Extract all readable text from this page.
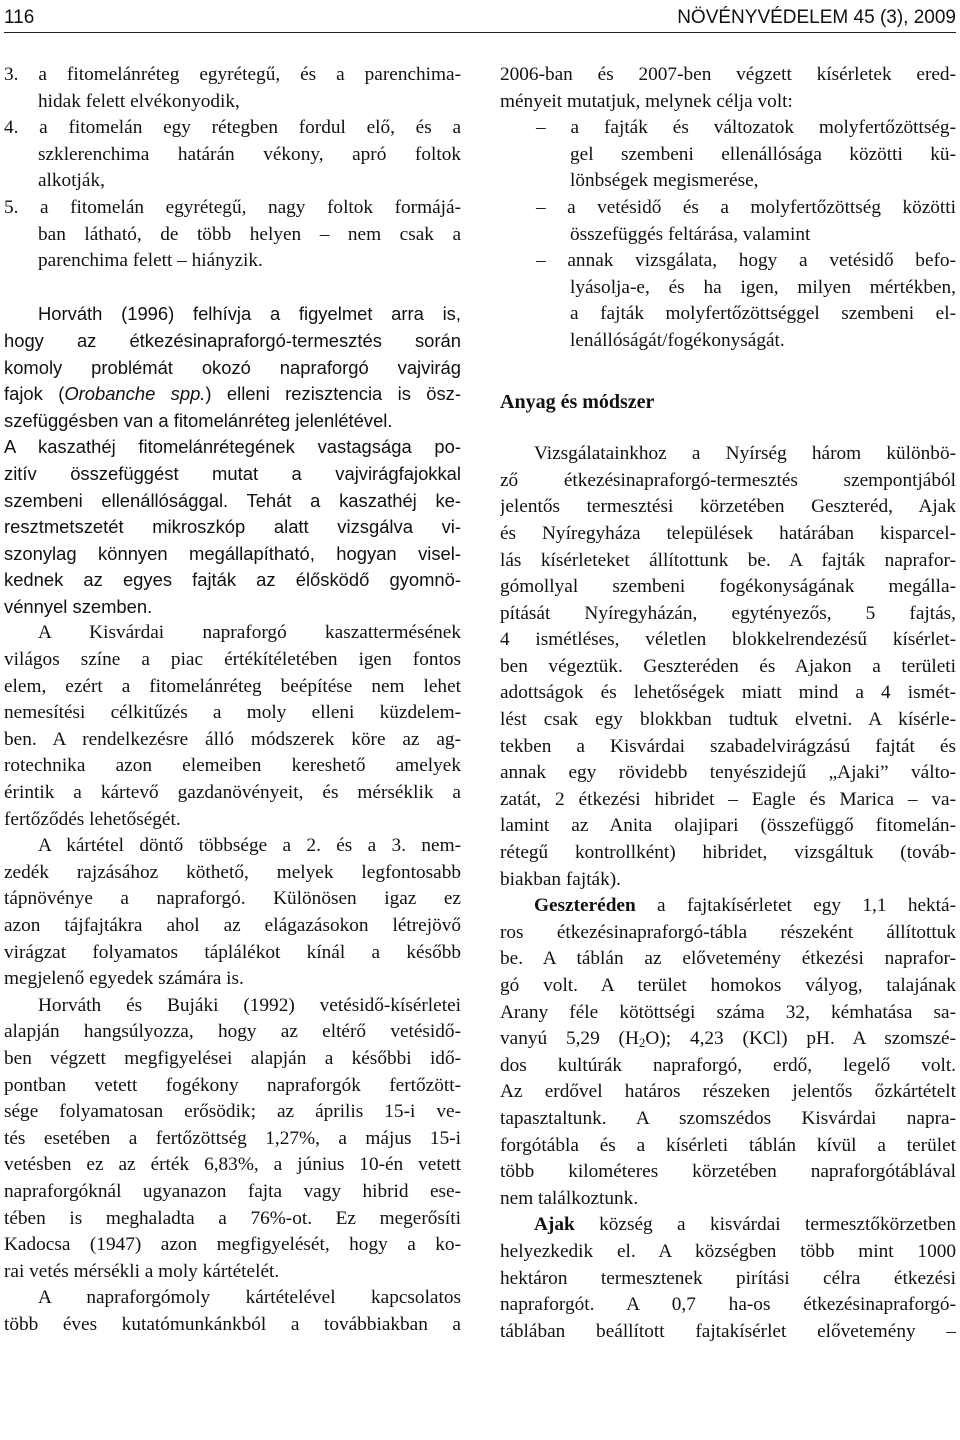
116	NÖVÉNYVÉDELEM 45 (3), 2009
3. a fitomelánréteg egyrétegű, és a parenchima-
hidak felett elvékonyodik,
4. a fitomelán egy rétegben fordul elő, és a
szklerenchima határán vékony, apró foltok
alkotják,
5. a fitomelán egyrétegű, nagy foltok formájá-
ban látható, de több helyen – nem csak a
parenchima felett – hiányzik.
Horváth (1996) felhívja a figyelmet arra is,
hogy az étkezésinapraforgó-termesztés során
komoly problémát okozó napraforgó vajvirág
fajok (Orobanche spp.) elleni rezisztencia is ösz-
szefüggésben van a fitomelánréteg jelenlétével.
A kaszathéj fitomelánrétegének vastagsága po-
zitív összefüggést mutat a vajvirágfajokkal
szembeni ellenállósággal. Tehát a kaszathéj ke-
resztmetszetét mikroszkóp alatt vizsgálva vi-
szonylag könnyen megállapítható, hogyan visel-
kednek az egyes fajták az élősködő gyomnö-
vénnyel szemben.
A Kisvárdai napraforgó kaszattermésének
világos színe a piac értékítéletében igen fontos
elem, ezért a fitomelánréteg beépítése nem lehet
nemesítési célkitűzés a moly elleni küzdelem-
ben. A rendelkezésre álló módszerek köre az ag-
rotechnika azon elemeiben kereshető amelyek
érintik a kártevő gazdanövényeit, és mérséklik a
fertőződés lehetőségét.
A kártétel döntő többsége a 2. és a 3. nem-
zedék rajzásához köthető, melyek legfontosabb
tápnövénye a napraforgó. Különösen igaz ez
azon tájfajtákra ahol az elágazásokon létrejövő
virágzat folyamatos táplálékot kínál a később
megjelenő egyedek számára is.
Horváth és Bujáki (1992) vetésidő-kísérletei
alapján hangsúlyozza, hogy az eltérő vetésidő-
ben végzett megfigyelései alapján a későbbi idő-
pontban vetett fogékony napraforgók fertőzött-
sége folyamatosan erősödik; az április 15-i ve-
tés esetében a fertőzöttség 1,27%, a május 15-i
vetésben ez az érték 6,83%, a június 10-én vetett
napraforgóknál ugyanazon fajta vagy hibrid ese-
tében is meghaladta a 76%-ot. Ez megerősíti
Kadocsa (1947) azon megfigyelését, hogy a ko-
rai vetés mérsékli a moly kártételét.
A napraforgómoly kártételével kapcsolatos
több éves kutatómunkánkból a továbbiakban a
2006-ban és 2007-ben végzett kísérletek ered-
ményeit mutatjuk, melynek célja volt:
– a fajták és változatok molyfertőzöttség-
gel szembeni ellenállósága közötti kü-
lönbségek megismerése,
– a vetésidő és a molyfertőzöttség közötti
összefüggés feltárása, valamint
– annak vizsgálata, hogy a vetésidő befo-
lyásolja-e, és ha igen, milyen mértékben,
a fajták molyfertőzöttséggel szembeni el-
lenállóságát/fogékonyságát.
Anyag és módszer
Vizsgálatainkhoz a Nyírség három különbö-
ző étkezésinapraforgó-termesztés szempontjából
jelentős termesztési körzetében Geszteréd, Ajak
és Nyíregyháza települések határában kisparcel-
lás kísérleteket állítottunk be. A fajták naprafor-
gómollyal szembeni fogékonyságának megálla-
pítását Nyíregyházán, egytényezős, 5 fajtás,
4 ismétléses, véletlen blokkelrendezésű kísérlet-
ben végeztük. Geszteréden és Ajakon a területi
adottságok és lehetőségek miatt mind a 4 ismét-
lést csak egy blokkban tudtuk elvetni. A kísérle-
tekben a Kisvárdai szabadelvirágzású fajtát és
annak egy rövidebb tenyészidejű „Ajaki” válto-
zatát, 2 étkezési hibridet – Eagle és Marica – va-
lamint az Anita olajipari (összefüggő fitomelán-
rétegű kontrollként) hibridet, vizsgáltuk (továb-
biakban fajták).
Geszteréden a fajtakísérletet egy 1,1 hektá-
ros étkezésinapraforgó-tábla részeként állítottuk
be. A táblán az elővetemény étkezési naprafor-
gó volt. A terület homokos vályog, talajának
Arany féle kötöttségi száma 32, kémhatása sa-
vanyú 5,29 $(H_2O)$; 4,23 (KCl) pH. A szomszé-
dos kultúrák napraforgó, erdő, legelő volt.
Az erdővel határos részeken jelentős őzkártételt
tapasztaltunk. A szomszédos Kisvárdai napra-
forgótábla és a kísérleti táblán kívül a terület
több kilométeres körzetében napraforgótáblával
nem találkoztunk.
Ajak község a kisvárdai termesztőkörzetben
helyezkedik el. A községben több mint 1000
hektáron termesztenek pirítási célra étkezési
napraforgót. A 0,7 ha-os étkezésinapraforgó-
táblában beállított fajtakísérlet elővetemény –
